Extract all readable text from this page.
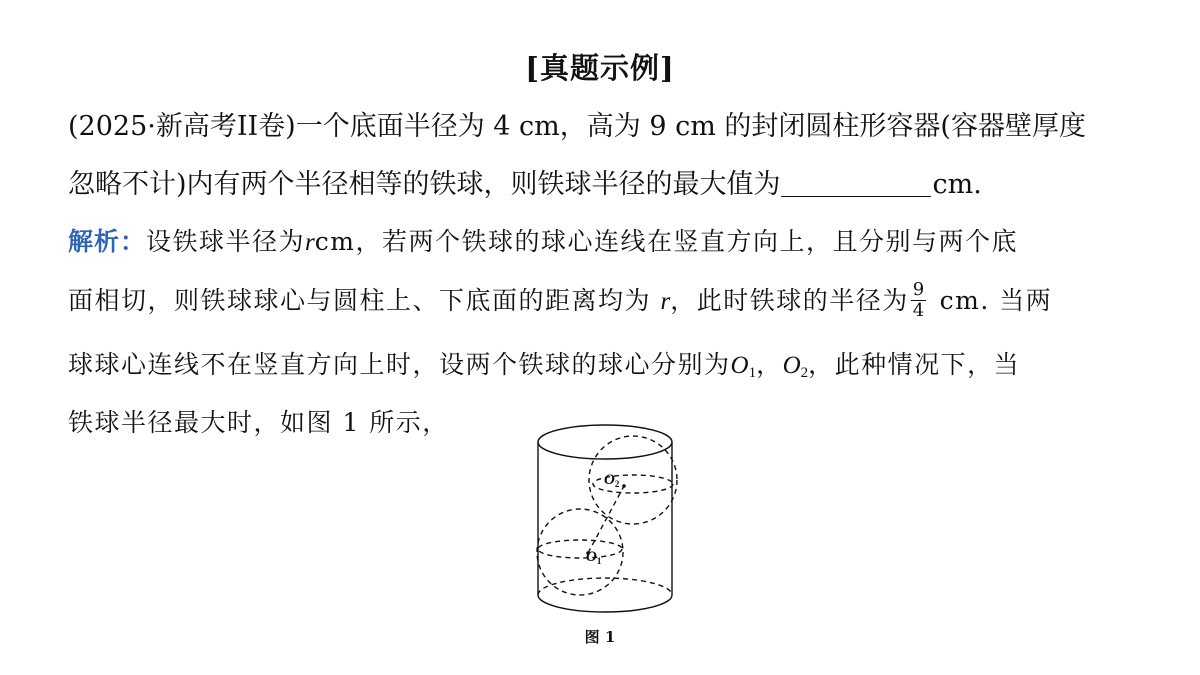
[真题示例]
(2025·新高考II卷)一个底面半径为 4 cm，高为 9 cm 的封闭圆柱形容器(容器壁厚度
忽略不计)内有两个半径相等的铁球，则铁球半径的最大值为	cm.
解析：设铁球半径为rcm，若两个铁球的球心连线在竖直方向上，且分别与两个底
面相切，则铁球球心与圆柱上、下底面的距离均为 r，此时铁球的半径为 $\frac{9}{4}$ cm. 当两
球球心连线不在竖直方向上时，设两个铁球的球心分别为$O_1$，$O_2$，此种情况下，当
铁球半径最大时，如图 1 所示，
$O_1$
$O_2$
图 1
